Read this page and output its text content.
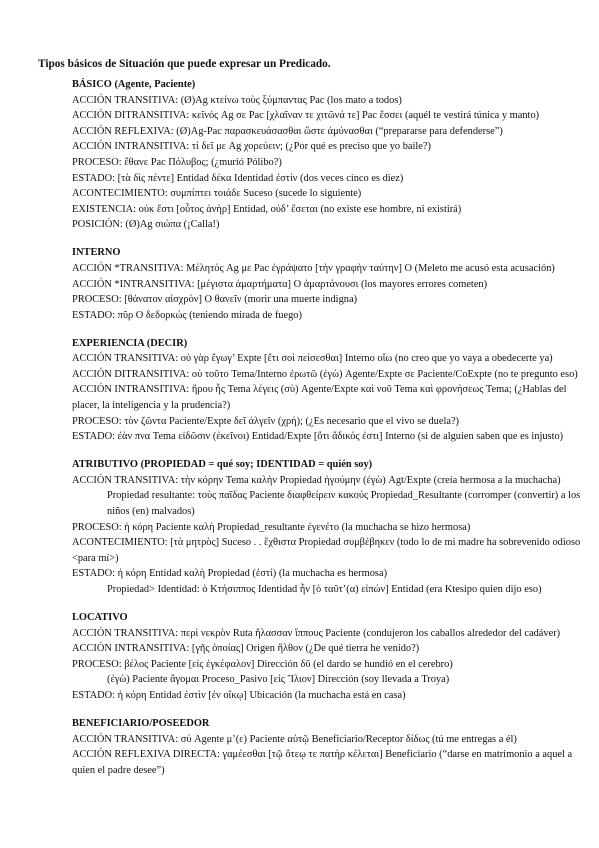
Tipos básicos de Situación que puede expresar un Predicado.
BÁSICO (Agente, Paciente)
ACCIÓN TRANSITIVA: (Ø)Ag κτείνω τοὺς ξύμπαντας Pac (los mato a todos)
ACCIÓN DITRANSITIVA: κεῖνός Ag σε Pac [χλαῖναν τε χιτῶνά τε] Pac ἕσσει (aquél te vestirá túnica y manto)
ACCIÓN REFLEXIVA: (Ø)Ag-Pac παρασκευάσασθαι ὥστε ἀμύνασθαι (“prepararse para defenderse”)
ACCIÓN INTRANSITIVA: τί δεῖ με Ag χορεύειν; (¿Por qué es preciso que yo baile?)
PROCESO: ἔθανε Pac Πόλυβος; (¿murió Pólibo?)
ESTADO: [τὰ δὶς πέντε] Entidad δέκα Identidad ἐστίν (dos veces cinco es diez)
ACONTECIMIENTO: συμπίπτει τοιάδε Suceso (sucede lo siguiente)
EXISTENCIA: οὐκ ἔστι [οὗτος ἀνὴρ] Entidad, οὐδ’ ἔσεται (no existe ese hombre, ni existirá)
POSICIÓN: (Ø)Ag σιώπα (¡Calla!)
INTERNO
ACCIÓN *TRANSITIVA: Μέλητός Ag με Pac ἐγράψατο [τὴν γραφὴν ταύτην] O (Meleto me acusó esta acusación)
ACCIÓN *INTRANSITIVA: [μέγιστα ἁμαρτήματα] O ἁμαρτάνουσι (los mayores errores cometen)
PROCESO: [θάνατον αἰσχρὸν] O θανεῖν (morir una muerte indigna)
ESTADO: πῦρ O δεδορκώς (teniendo mirada de fuego)
EXPERIENCIA (DECIR)
ACCIÓN TRANSITIVA: οὐ γὰρ ἔγωγ’ Expte [ἔτι σοὶ πείσεσθαι] Interno οἴω (no creo que yo vaya a obedecerte ya)
ACCIÓN DITRANSITIVA: οὐ τοῦτο Tema/Interno ἐρωτῶ (ἐγὼ) Agente/Expte σε Paciente/CoExpte (no te pregunto eso)
ACCIÓN INTRANSITIVA: ἤρου ἧς Tema λέγεις (σὺ) Agente/Expte καὶ νοῦ Tema καὶ φρονήσεως Tema; (¿Hablas del placer, la inteligencia y la prudencia?)
PROCESO: τὸν ζῶντα Paciente/Expte δεῖ ἀλγεῖν (χρή); (¿Es necesario que el vivo se duela?)
ESTADO: ἐὰν πνα Tema εἰδῶσιν (ἐκεῖνοι) Entidad/Expte [ὅτι ἄδικός ἐστι] Interno (si de alguien saben que es injusto)
ATRIBUTIVO (PROPIEDAD = qué soy; IDENTIDAD = quién soy)
ACCIÓN TRANSITIVA: τὴν κόρην Tema καλὴν Propiedad ἡγούμην (ἐγὼ) Agt/Expte (creía hermosa a la muchacha)
Propiedad resultante: τοὺς παῖδας Paciente διαφθείρειν κακούς Propiedad_Resultante (corromper (convertir) a los niños (en) malvados)
PROCESO: ἡ κόρη Paciente καλὴ Propiedad_resultante ἐγενέτο (la muchacha se hizo hermosa)
ACONTECIMIENTO: [τὰ μητρὸς] Suceso . . ἔχθιστα Propiedad συμβέβηκεν (todo lo de mi madre ha sobrevenido odioso <para mí>)
ESTADO: ἡ κόρη Entidad καλὴ Propiedad (ἐστί) (la muchacha es hermosa)
Propiedad> Identidad: ὁ Κτήσιππος Identidad ἦν [ὁ ταῦτ’(α) εἰπών] Entidad (era Ktesipo quien dijo eso)
LOCATIVO
ACCIÓN TRANSITIVA: περὶ νεκρὸν Ruta ἤλασσαν ἵππους Paciente (condujeron los caballos alrededor del cadáver)
ACCIÓN INTRANSITIVA: [γῆς ὁποίας] Origen ἥλθον (¿De qué tierra he venido?)
PROCESO: βέλος Paciente [εἰς ἐγκέφαλον] Dirección δῦ (el dardo se hundió en el cerebro)
(ἐγὼ) Paciente ἄγομαι Proceso_Pasivo [εἰς Ἴλιον] Dirección (soy llevada a Troya)
ESTADO: ἡ κόρη Entidad ἐστὶν [ἐν οἴκῳ] Ubicación (la muchacha está en casa)
BENEFICIARIO/POSEEDOR
ACCIÓN TRANSITIVA: σύ Agente μ’(ε) Paciente αὐτῷ Beneficiario/Receptor δίδως (tú me entregas a él)
ACCIÓN REFLEXIVA DIRECTA: γαμέεσθαι [τῷ ὅτεῳ τε πατὴρ κέλεται] Beneficiario (“darse en matrimonio a aquel a quien el padre desee”)
